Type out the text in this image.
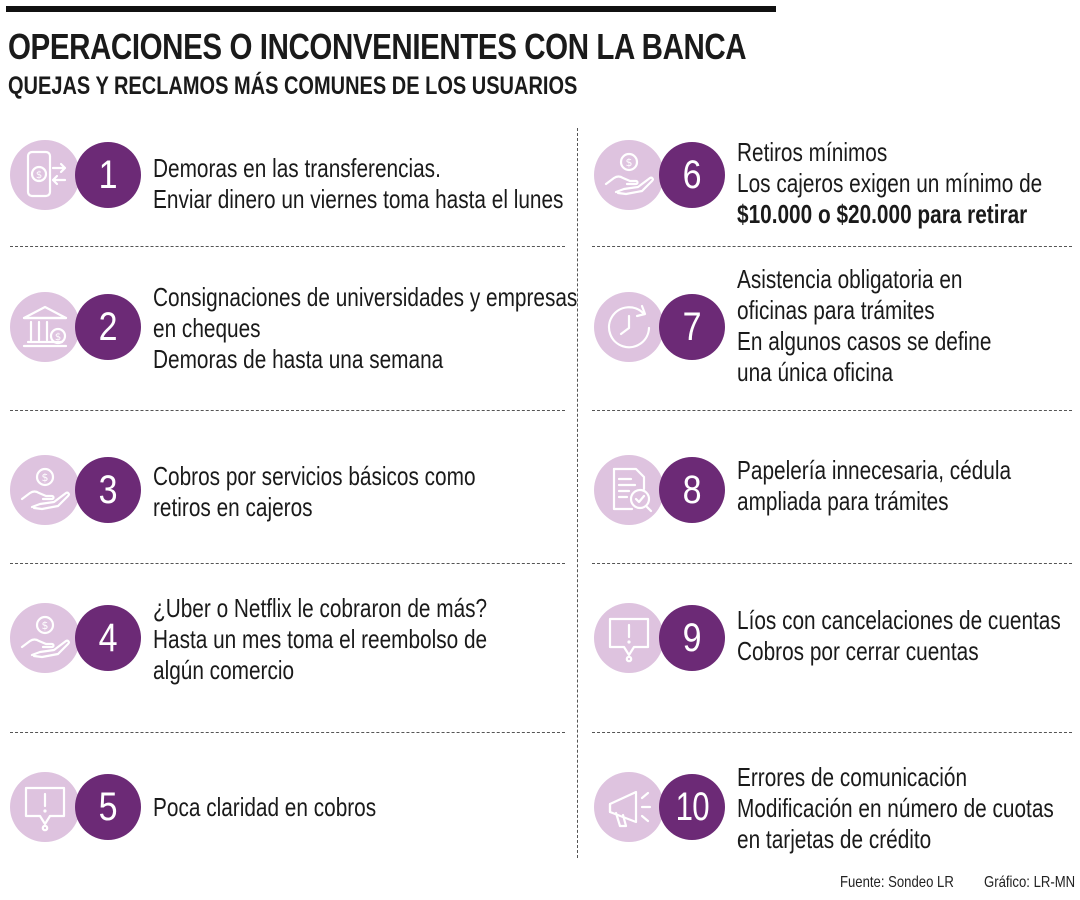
OPERACIONES O INCONVENIENTES CON LA BANCA
QUEJAS Y RECLAMOS MÁS COMUNES DE LOS USUARIOS
$	1	Demoras en las transferencias.
Enviar dinero un viernes toma hasta el lunes
$ 2
Consignaciones de universidades y empresas
en cheques
Demoras de hasta una semana
$	3	Cobros por servicios básicos como
retiros en cajeros
$	4
¿Uber o Netflix le cobraron de más?
Hasta un mes toma el reembolso de
algún comercio
5	Poca claridad en cobros
$	6
Retiros mínimos
Los cajeros exigen un mínimo de
$10.000 o $20.000 para retirar
7
Asistencia obligatoria en
oficinas para trámites
En algunos casos se define
una única oficina
8	Papelería innecesaria, cédula
ampliada para trámites
9	Líos con cancelaciones de cuentas
Cobros por cerrar cuentas
10
Errores de comunicación
Modificación en número de cuotas
en tarjetas de crédito
Fuente: Sondeo LR Gráfico: LR-MN
